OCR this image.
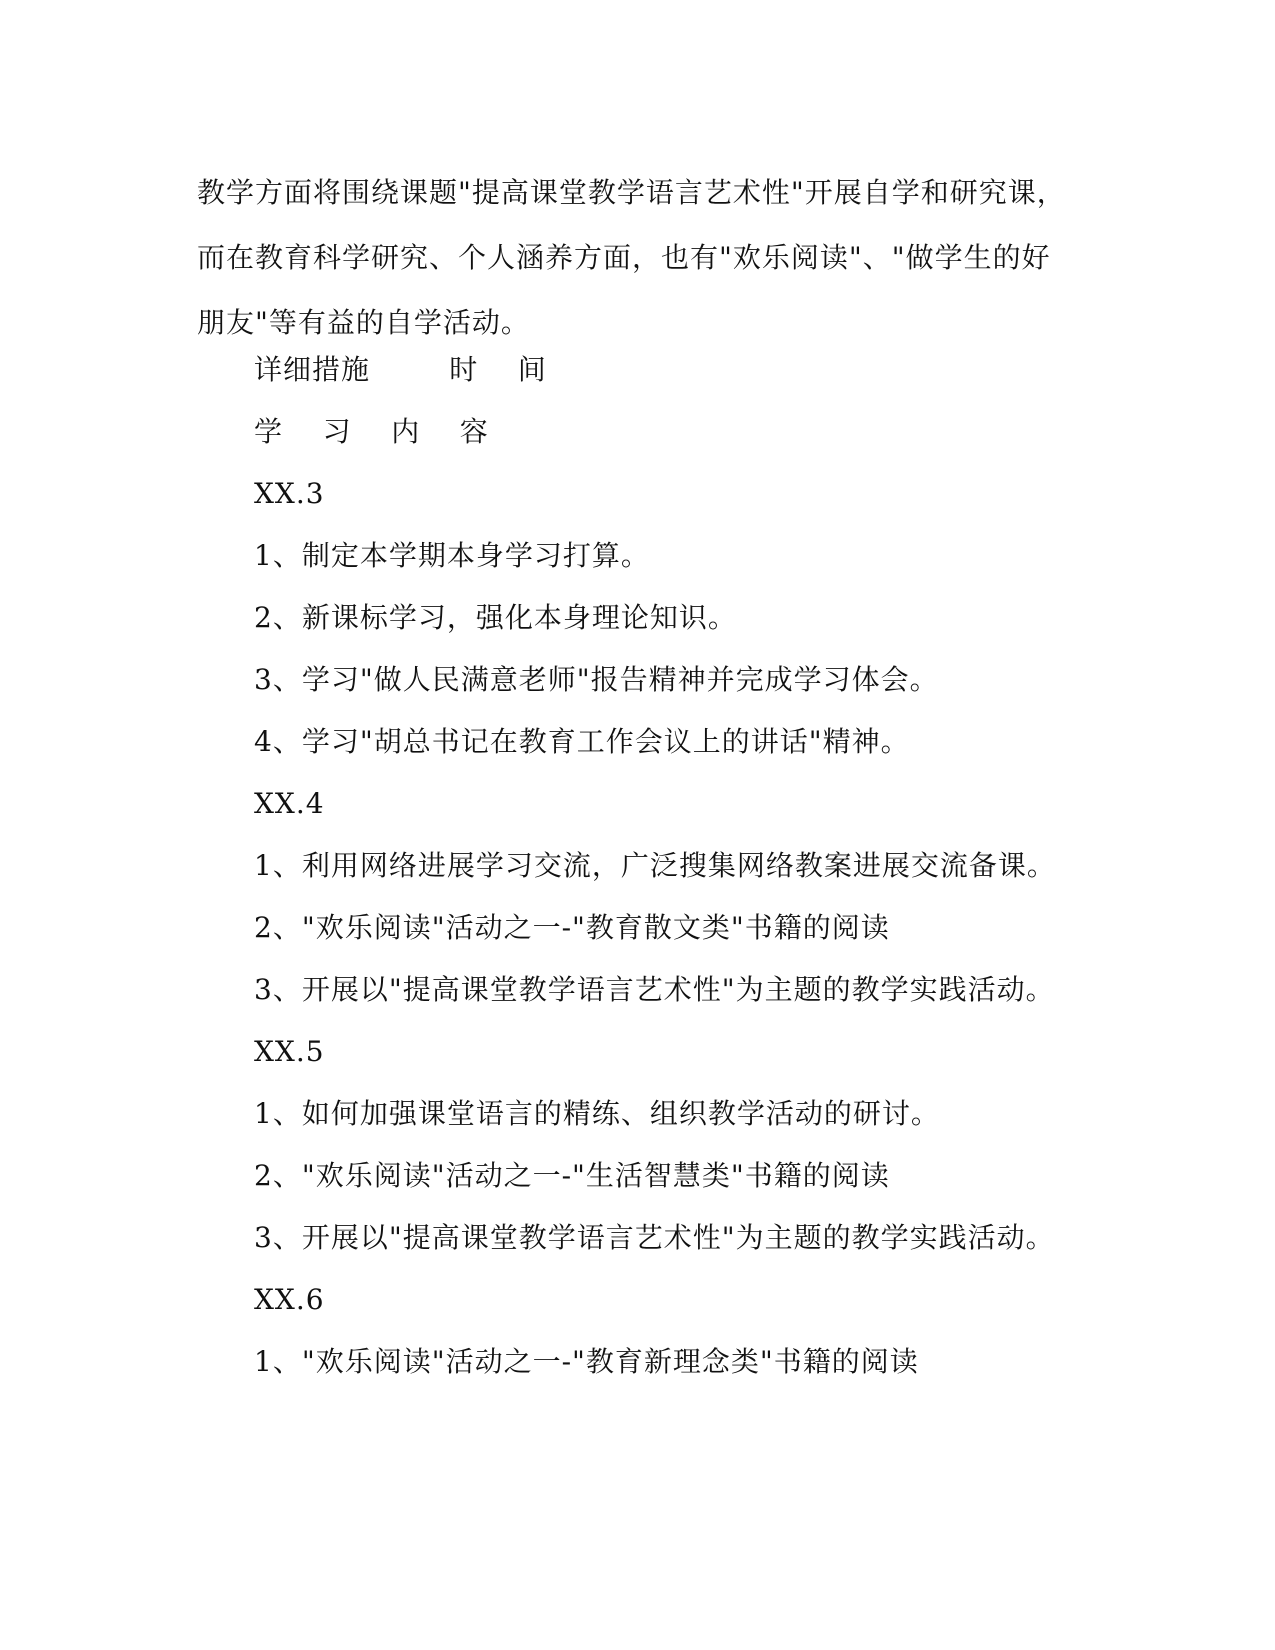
教学方面将围绕课题"提高课堂教学语言艺术性"开展自学和研究课，而在教育科学研究、个人涵养方面，也有"欢乐阅读"、"做学生的好朋友"等有益的自学活动。
详细措施        时    间
学    习    内    容
XX.3
1、制定本学期本身学习打算。
2、新课标学习，强化本身理论知识。
3、学习"做人民满意老师"报告精神并完成学习体会。
4、学习"胡总书记在教育工作会议上的讲话"精神。
XX.4
1、利用网络进展学习交流，广泛搜集网络教案进展交流备课。
2、"欢乐阅读"活动之一-"教育散文类"书籍的阅读
3、开展以"提高课堂教学语言艺术性"为主题的教学实践活动。
XX.5
1、如何加强课堂语言的精练、组织教学活动的研讨。
2、"欢乐阅读"活动之一-"生活智慧类"书籍的阅读
3、开展以"提高课堂教学语言艺术性"为主题的教学实践活动。
XX.6
1、"欢乐阅读"活动之一-"教育新理念类"书籍的阅读
